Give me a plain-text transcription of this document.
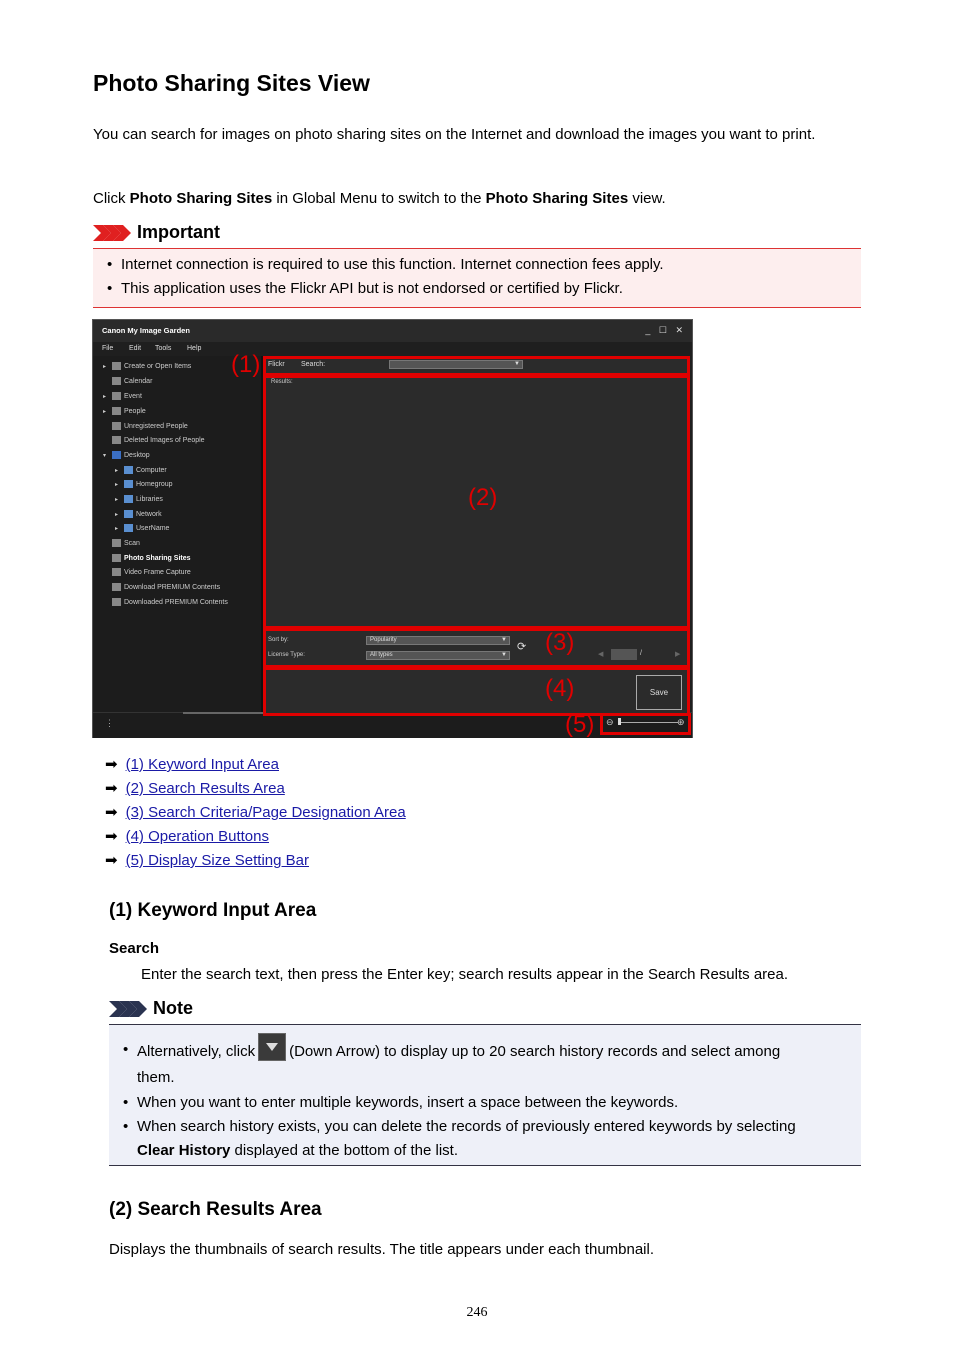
Photo Sharing Sites View
You can search for images on photo sharing sites on the Internet and download the images you want to print.
Click Photo Sharing Sites in Global Menu to switch to the Photo Sharing Sites view.
Important
• Internet connection is required to use this function. Internet connection fees apply.
• This application uses the Flickr API but is not endorsed or certified by Flickr.
Canon My Image Garden	_ ☐ ✕
File Edit Tools Help
▸	Create or Open Items
Calendar
▸	Event
▸	People
Unregistered People
Deleted Images of People
▾	Desktop
▸	Computer
▸	Homegroup
▸	Libraries
▸	Network
▸	UserName
Scan
Photo Sharing Sites
Video Frame Capture
Download PREMIUM Contents
Downloaded PREMIUM Contents
⋮
Flickr Search:	▼
(1)
Results:
(2)
Sort by:
License Type:
Popularity	▼
All types	▼
⟳ (3)	◀	/	▶
(4)	Save
(5) ⊖	⊕
➡ (1) Keyword Input Area
➡ (2) Search Results Area
➡ (3) Search Criteria/Page Designation Area
➡ (4) Operation Buttons
➡ (5) Display Size Setting Bar
(1) Keyword Input Area
Search
Enter the search text, then press the Enter key; search results appear in the Search Results area.
Note
• Alternatively, click (Down Arrow) to display up to 20 search history records and select among
them.
• When you want to enter multiple keywords, insert a space between the keywords.
• When search history exists, you can delete the records of previously entered keywords by selecting
Clear History displayed at the bottom of the list.
(2) Search Results Area
Displays the thumbnails of search results. The title appears under each thumbnail.
246
